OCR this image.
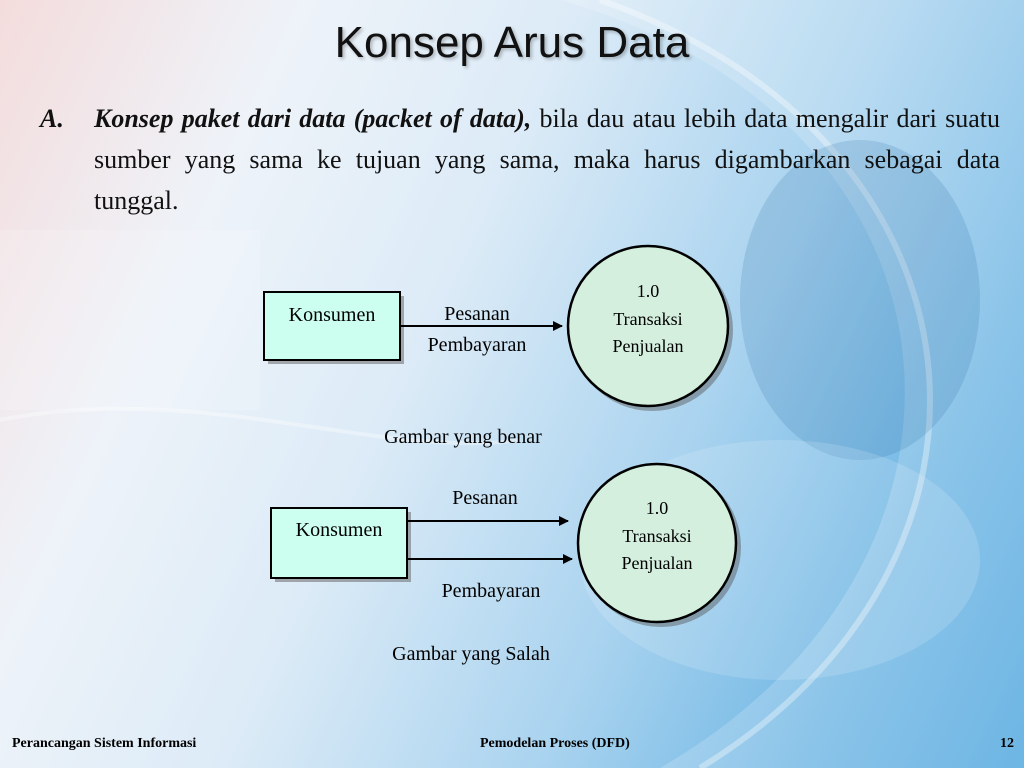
Konsep Arus Data
A. Konsep paket dari data (packet of data), bila dau atau lebih data mengalir dari suatu sumber yang sama ke tujuan yang sama, maka harus digambarkan sebagai data tunggal.
Konsumen	Pesanan
Pembayaran
1.0
Transaksi
Penjualan
Gambar yang benar
Konsumen
Pesanan
Pembayaran
1.0
Transaksi
Penjualan
Gambar yang Salah
Perancangan Sistem Informasi	Pemodelan Proses (DFD)	12
